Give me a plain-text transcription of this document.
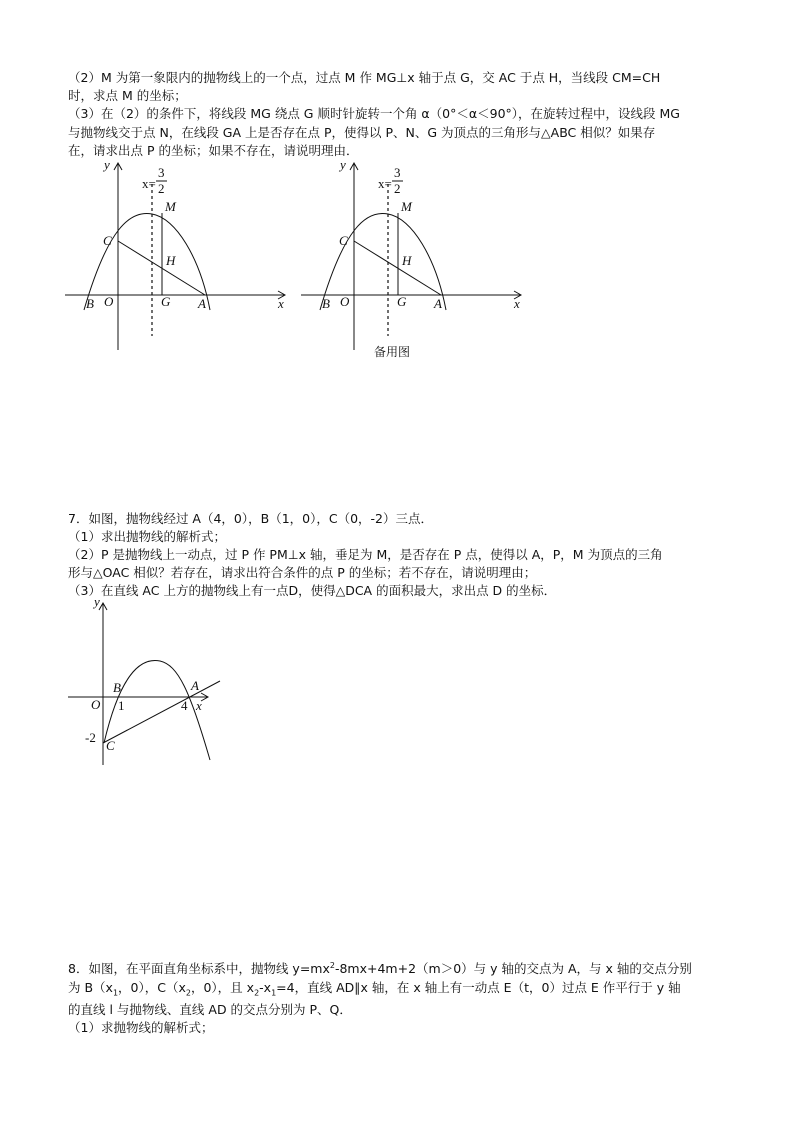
（2）M 为第一象限内的抛物线上的一个点，过点 M 作 MG⊥x 轴于点 G，交 AC 于点 H，当线段 CM=CH
时，求点 M 的坐标；
（3）在（2）的条件下，将线段 MG 绕点 G 顺时针旋转一个角 α（0°＜α＜90°），在旋转过程中，设线段 MG
与抛物线交于点 N，在线段 GA 上是否存在点 P，使得以 P、N、G 为顶点的三角形与△ABC 相似？如果存
在，请求出点 P 的坐标；如果不存在，请说明理由．
B O
C
M
H
G A	x
y
x=
3
2
B O
C
M
H
G A	x
y
x=
3
2
备用图
7．如图，抛物线经过 A（4，0），B（1，0），C（0，-2）三点．
（1）求出抛物线的解析式；
（2）P 是抛物线上一动点，过 P 作 PM⊥x 轴，垂足为 M，是否存在 P 点，使得以 A，P，M 为顶点的三角
形与△OAC 相似？若存在，请求出符合条件的点 P 的坐标；若不存在，请说明理由；
（3）在直线 AC 上方的抛物线上有一点D，使得△DCA 的面积最大，求出点 D 的坐标．
y
B	A
O 1	4 x
-2
C
8．如图，在平面直角坐标系中，抛物线 $y=mx^2-8mx+4m+2(m>0)$与 y 轴的交点为 A，与 x 轴的交点分别
为 $B(x_1$，0），$C(x_2$，0），且 $x_2-x_1=4$，直线 AD∥x 轴，在 x 轴上有一动点 E（t，0）过点 E 作平行于 y 轴
的直线 l 与抛物线、直线 AD 的交点分别为 P、Q．
（1）求抛物线的解析式；
